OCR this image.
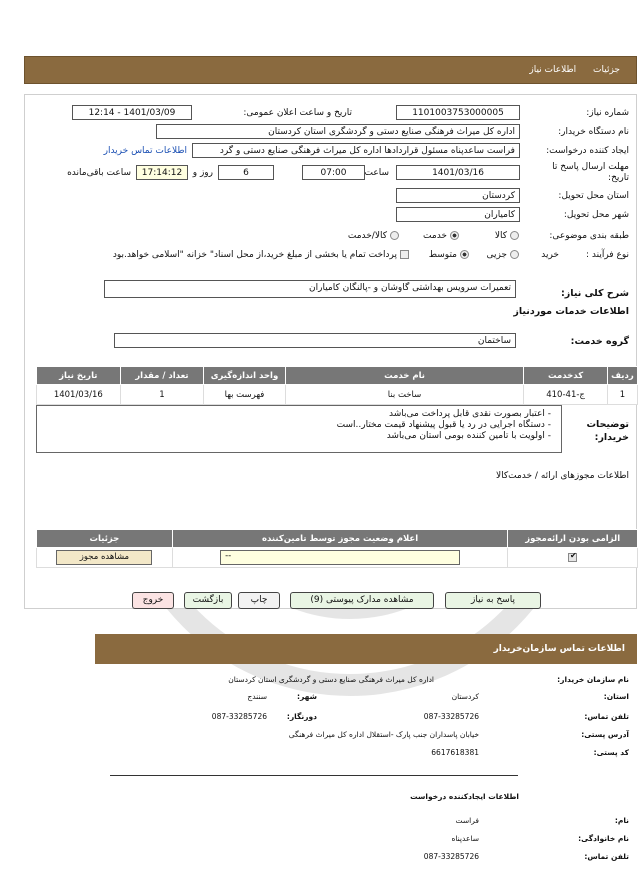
جزئیات اطلاعات نیاز
شماره نیاز:
1101003753000005
تاریخ و ساعت اعلان عمومی:
1401/03/09 - 12:14
نام دستگاه خریدار:
اداره کل میراث فرهنگی صنایع دستی و گردشگری استان کردستان
ایجاد کننده درخواست:
فراست ساعدپناه مسئول قراردادها اداره کل میراث فرهنگی صنایع دستی و گرد
اطلاعات تماس خریدار
مهلت ارسال پاسخ تا تاریخ:
1401/03/16
ساعت
07:00
6
روز و
17:14:12
ساعت باقی‌مانده
استان محل تحویل:
کردستان
شهر محل تحویل:
کامیاران
طبقه بندی موضوعی:
کالا
خدمت
کالا/خدمت
نوع فرآیند :
خرید
جزیی
متوسط
پرداخت تمام یا بخشی از مبلغ خرید،از محل اسناد" خزانه "اسلامی خواهد.بود
شرح کلی نیاز:
تعمیرات سرویس بهداشتی گاوشان و -پالنگان کامیاران
اطلاعات خدمات موردنیاز
گروه خدمت:
ساختمان
ردیف	کدخدمت	نام خدمت	واحد اندازه‌گیری	تعداد / مقدار	تاریخ نیاز
1	ج-41-410	ساخت بنا	فهرست بها	1	1401/03/16
توضیحات خریدار:
- اعتبار بصورت نقدی قابل پرداخت می‌باشد
- دستگاه اجرایی در رد یا قبول پیشنهاد قیمت مختار..است
- اولویت با تامین کننده بومی استان می‌باشد
اطلاعات مجوزهای ارائه / خدمت‌کالا
الزامی بودن ارائه‌مجوز	اعلام وضعیت مجوز توسط تامین‌کننده	جزئیات

✔	--	مشاهده مجوز
پاسخ به نیاز
مشاهده مدارک پیوستی (9)
چاپ
بازگشت
خروج
اطلاعات تماس سازمان‌خریدار
نام سازمان خریدار:
اداره کل میراث فرهنگی صنایع دستی و گردشگری استان کردستان
استان:
کردستان
شهر:
سنندج
تلفن تماس:
087-33285726
دورنگار:
087-33285726
آدرس پستی:
خیابان پاسداران جنب پارک -استقلال اداره کل میراث فرهنگی
کد پستی:
6617618381
اطلاعات ایجادکننده درخواست
نام:
فراست
نام خانوادگی:
ساعدپناه
تلفن تماس:
087-33285726
